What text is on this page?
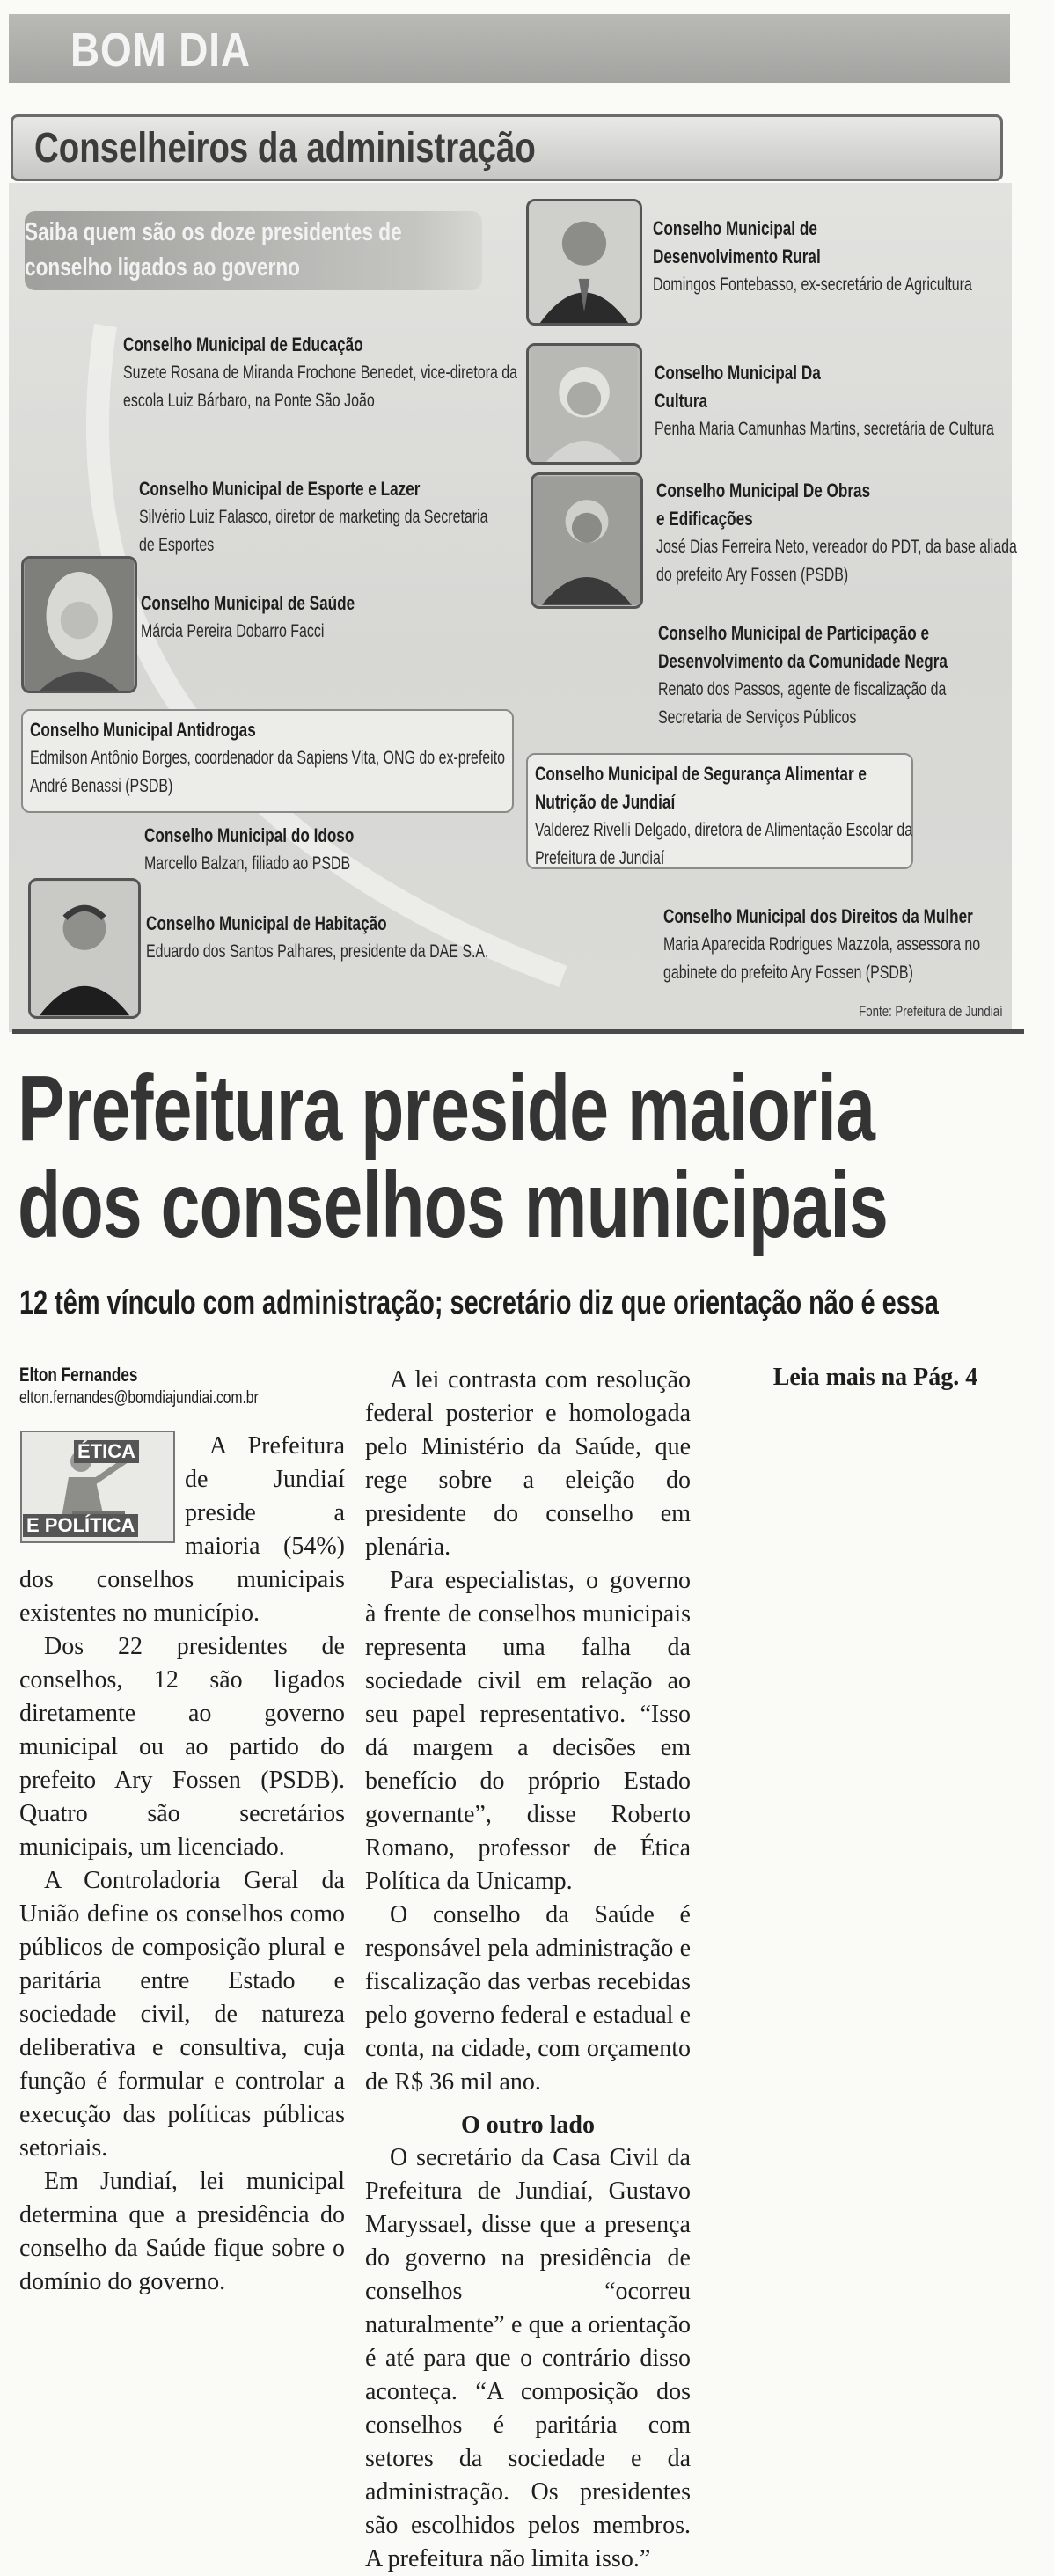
BOM DIA
Conselheiros da administração
Saiba quem são os doze presidentes de conselho ligados ao governo
Conselho Municipal de Educação
Suzete Rosana de Miranda Frochone Benedet, vice-diretora da escola Luiz Bárbaro, na Ponte São João
Conselho Municipal de Esporte e Lazer
Silvério Luiz Falasco, diretor de marketing da Secretaria de Esportes
Conselho Municipal de Saúde
Márcia Pereira Dobarro Facci
Conselho Municipal Antidrogas
Edmilson Antônio Borges, coordenador da Sapiens Vita, ONG do ex-prefeito André Benassi (PSDB)
Conselho Municipal do Idoso
Marcello Balzan, filiado ao PSDB
Conselho Municipal de Habitação
Eduardo dos Santos Palhares, presidente da DAE S.A.
Conselho Municipal de Desenvolvimento Rural
Domingos Fontebasso, ex-secretário de Agricultura
Conselho Municipal Da Cultura
Penha Maria Camunhas Martins, secretária de Cultura
Conselho Municipal De Obras e Edificações
José Dias Ferreira Neto, vereador do PDT, da base aliada do prefeito Ary Fossen (PSDB)
Conselho Municipal de Participação e Desenvolvimento da Comunidade Negra
Renato dos Passos, agente de fiscalização da Secretaria de Serviços Públicos
Conselho Municipal de Segurança Alimentar e Nutrição de Jundiaí
Valderez Rivelli Delgado, diretora de Alimentação Escolar da Prefeitura de Jundiaí
Conselho Municipal dos Direitos da Mulher
Maria Aparecida Rodrigues Mazzola, assessora no gabinete do prefeito Ary Fossen (PSDB)
Fonte: Prefeitura de Jundiaí
Prefeitura preside maioria
dos conselhos municipais
12 têm vínculo com administração; secretário diz que orientação não é essa
Elton Fernandes
elton.fernandes@bomdiajundiai.com.br
ÉTICA
E POLÍTICA

A Prefeitura de Jundiaí preside a maioria (54%) dos conselhos municipais existentes no município.

Dos 22 presidentes de conselhos, 12 são ligados diretamente ao governo municipal ou ao partido do prefeito Ary Fossen (PSDB). Quatro são secretários municipais, um licenciado.

A Controladoria Geral da União define os conselhos como públicos de composição plural e paritária entre Estado e sociedade civil, de natureza deliberativa e consultiva, cuja função é formular e controlar a execução das políticas públicas setoriais.

Em Jundiaí, lei municipal determina que a presidência do conselho da Saúde fique sobre o domínio do governo.

A lei contrasta com resolução federal posterior e homologada pelo Ministério da Saúde, que rege sobre a eleição do presidente do conselho em plenária.

Para especialistas, o governo à frente de conselhos municipais representa uma falha da sociedade civil em relação ao seu papel representativo. “Isso dá margem a decisões em benefício do próprio Estado governante”, disse Roberto Romano, professor de Ética Política da Unicamp.

O conselho da Saúde é responsável pela administração e fiscalização das verbas recebidas pelo governo federal e estadual e conta, na cidade, com orçamento de R$ 36 mil ano.

O outro lado

O secretário da Casa Civil da Prefeitura de Jundiaí, Gustavo Maryssael, disse que a presença do governo na presidência de conselhos “ocorreu naturalmente” e que a orientação é até para que o contrário disso aconteça. “A composição dos conselhos é paritária com setores da sociedade e da administração. Os presidentes são escolhidos pelos membros. A prefeitura não limita isso.”

Leia mais na Pág. 4
